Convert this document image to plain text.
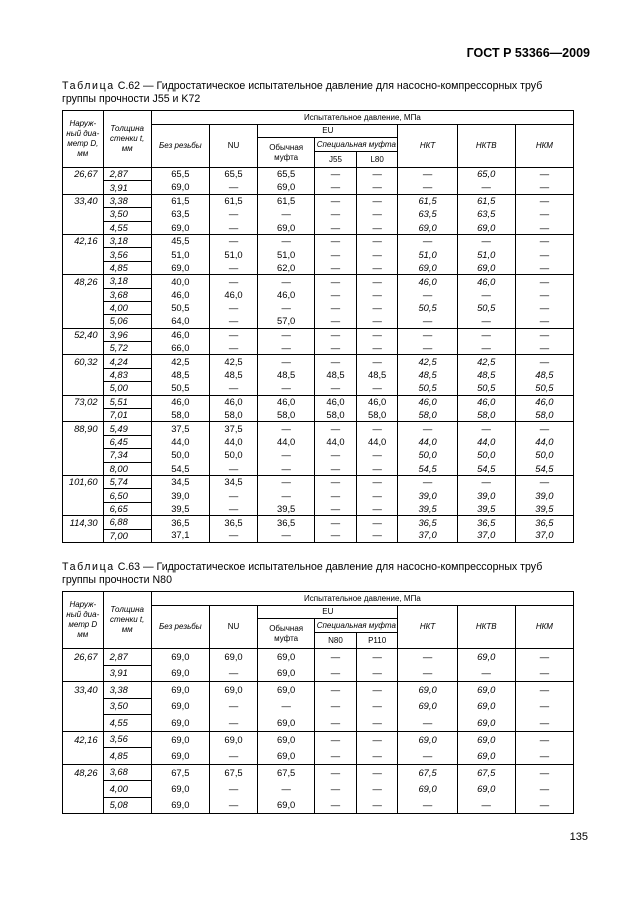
ГОСТ Р 53366—2009
Таблица С.62 — Гидростатическое испытательное давление для насосно-компрессорных труб группы прочности J55 и K72
Наруж-ный диа-метр D, мм	Толщина стенки t, мм	Испытательное давление, МПа							
		Без резьбы	NU	EU			НКТ	НКТВ	НКМ
				Обычная муфта	Специальная муфта				
					J55	L80			
26,67	2,87	65,5	65,5	65,5	—	—	—	65,0	—
	3,91	69,0	—	69,0	—	—	—	—	—
33,40	3,38	61,5	61,5	61,5	—	—	61,5	61,5	—
	3,50	63,5	—	—	—	—	63,5	63,5	—
	4,55	69,0	—	69,0	—	—	69,0	69,0	—
42,16	3,18	45,5	—	—	—	—	—	—	—
	3,56	51,0	51,0	51,0	—	—	51,0	51,0	—
	4,85	69,0	—	62,0	—	—	69,0	69,0	—
48,26	3,18	40,0	—	—	—	—	46,0	46,0	—
	3,68	46,0	46,0	46,0	—	—	—	—	—
	4,00	50,5	—	—	—	—	50,5	50,5	—
	5,06	64,0	—	57,0	—	—	—	—	—
52,40	3,96	46,0	—	—	—	—	—	—	—
	5,72	66,0	—	—	—	—	—	—	—
60,32	4,24	42,5	42,5	—	—	—	42,5	42,5	—
	4,83	48,5	48,5	48,5	48,5	48,5	48,5	48,5	48,5
	5,00	50,5	—	—	—	—	50,5	50,5	50,5
73,02	5,51	46,0	46,0	46,0	46,0	46,0	46,0	46,0	46,0
	7,01	58,0	58,0	58,0	58,0	58,0	58,0	58,0	58,0
88,90	5,49	37,5	37,5	—	—	—	—	—	—
	6,45	44,0	44,0	44,0	44,0	44,0	44,0	44,0	44,0
	7,34	50,0	50,0	—	—	—	50,0	50,0	50,0
	8,00	54,5	—	—	—	—	54,5	54,5	54,5
101,60	5,74	34,5	34,5	—	—	—	—	—	—
	6,50	39,0	—	—	—	—	39,0	39,0	39,0
	6,65	39,5	—	39,5	—	—	39,5	39,5	39,5
114,30	6,88	36,5	36,5	36,5	—	—	36,5	36,5	36,5
	7,00	37,1	—	—	—	—	37,0	37,0	37,0
Таблица С.63 — Гидростатическое испытательное давление для насосно-компрессорных труб группы прочности N80
Наруж-ный диа-метр D мм	Толщина стенки t, мм	Испытательное давление, МПа							
		Без резьбы	NU	EU			НКТ	НКТВ	НКМ
				Обычная муфта	Специальная муфта				
					N80	P110			
26,67	2,87	69,0	69,0	69,0	—	—	—	69,0	—
	3,91	69,0	—	69,0	—	—	—	—	—
33,40	3,38	69,0	69,0	69,0	—	—	69,0	69,0	—
	3,50	69,0	—	—	—	—	69,0	69,0	—
	4,55	69,0	—	69,0	—	—	—	69,0	—
42,16	3,56	69,0	69,0	69,0	—	—	69,0	69,0	—
	4,85	69,0	—	69,0	—	—	—	69,0	—
48,26	3,68	67,5	67,5	67,5	—	—	67,5	67,5	—
	4,00	69,0	—	—	—	—	69,0	69,0	—
	5,08	69,0	—	69,0	—	—	—	—	—
135
